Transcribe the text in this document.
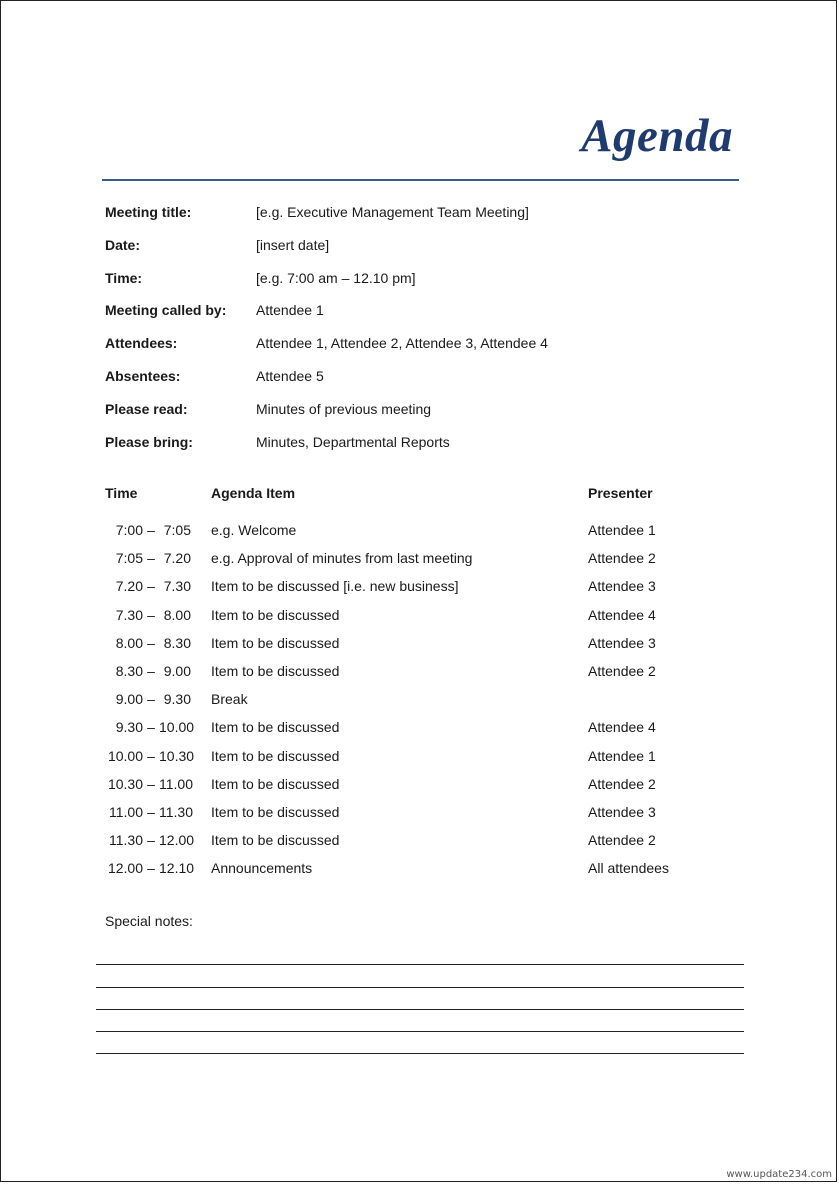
Agenda
Meeting title:	[e.g. Executive Management Team Meeting]
Date:	[insert date]
Time:	[e.g. 7:00 am – 12.10 pm]
Meeting called by:	Attendee 1
Attendees:	Attendee 1, Attendee 2, Attendee 3, Attendee 4
Absentees:	Attendee 5
Please read:	Minutes of previous meeting
Please bring:	Minutes, Departmental Reports
Time	Agenda Item	Presenter
7:00 – 7:05 e.g. Welcome	Attendee 1
7:05 – 7.20 e.g. Approval of minutes from last meeting	Attendee 2
7.20 – 7.30 Item to be discussed [i.e. new business]	Attendee 3
7.30 – 8.00 Item to be discussed	Attendee 4
8.00 – 8.30 Item to be discussed	Attendee 3
8.30 – 9.00 Item to be discussed	Attendee 2
9.00 – 9.30 Break
9.30 – 10.00 Item to be discussed	Attendee 4
10.00 – 10.30 Item to be discussed	Attendee 1
10.30 – 11.00 Item to be discussed	Attendee 2
11.00 – 11.30 Item to be discussed	Attendee 3
11.30 – 12.00 Item to be discussed	Attendee 2
12.00 – 12.10 Announcements	All attendees
Special notes:
www.update234.com
